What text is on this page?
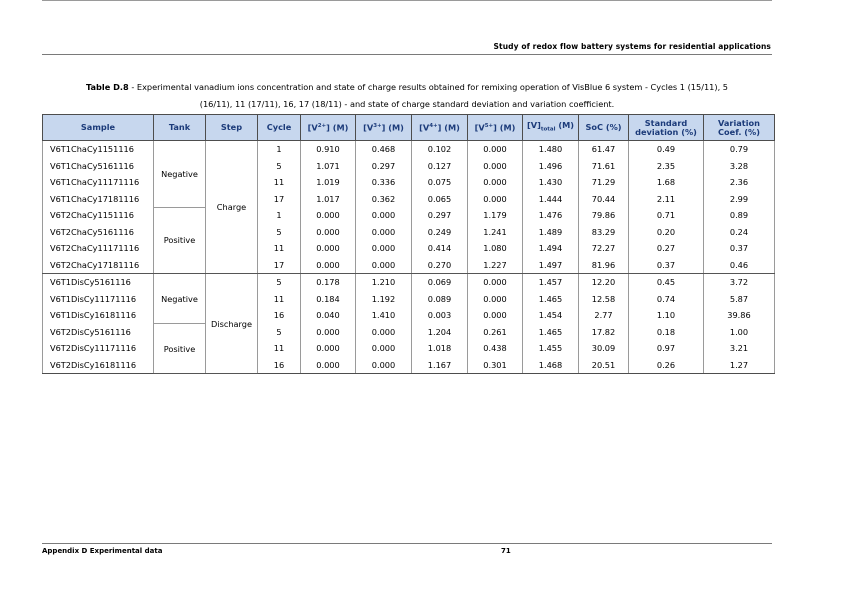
Study of redox flow battery systems for residential applications
Table D.8 - Experimental vanadium ions concentration and state of charge results obtained for remixing operation of VisBlue 6 system - Cycles 1 (15/11), 5
(16/11), 11 (17/11), 16, 17 (18/11) - and state of charge standard deviation and variation coefficient.
Sample	Tank	Step	Cycle	$[V^{2+}]$ (M)	$[V^{3+}]$ (M)	$[V^{4+}]$ (M)	$[V^{5+}]$ (M)	$[V]_{total}$ (M)	SoC (%)	Standard deviation (%)	Variation Coef. (%)
V6T1ChaCy1151116	Negative	Charge	1	0.910	0.468	0.102	0.000	1.480	61.47	0.49	0.79
V6T1ChaCy5161116			5	1.071	0.297	0.127	0.000	1.496	71.61	2.35	3.28
V6T1ChaCy11171116			11	1.019	0.336	0.075	0.000	1.430	71.29	1.68	2.36
V6T1ChaCy17181116			17	1.017	0.362	0.065	0.000	1.444	70.44	2.11	2.99
V6T2ChaCy1151116	Positive		1	0.000	0.000	0.297	1.179	1.476	79.86	0.71	0.89
V6T2ChaCy5161116			5	0.000	0.000	0.249	1.241	1.489	83.29	0.20	0.24
V6T2ChaCy11171116			11	0.000	0.000	0.414	1.080	1.494	72.27	0.27	0.37
V6T2ChaCy17181116			17	0.000	0.000	0.270	1.227	1.497	81.96	0.37	0.46
V6T1DisCy5161116	Negative	Discharge	5	0.178	1.210	0.069	0.000	1.457	12.20	0.45	3.72
V6T1DisCy11171116			11	0.184	1.192	0.089	0.000	1.465	12.58	0.74	5.87
V6T1DisCy16181116			16	0.040	1.410	0.003	0.000	1.454	2.77	1.10	39.86
V6T2DisCy5161116	Positive		5	0.000	0.000	1.204	0.261	1.465	17.82	0.18	1.00
V6T2DisCy11171116			11	0.000	0.000	1.018	0.438	1.455	30.09	0.97	3.21
V6T2DisCy16181116			16	0.000	0.000	1.167	0.301	1.468	20.51	0.26	1.27
Appendix D Experimental data	71
